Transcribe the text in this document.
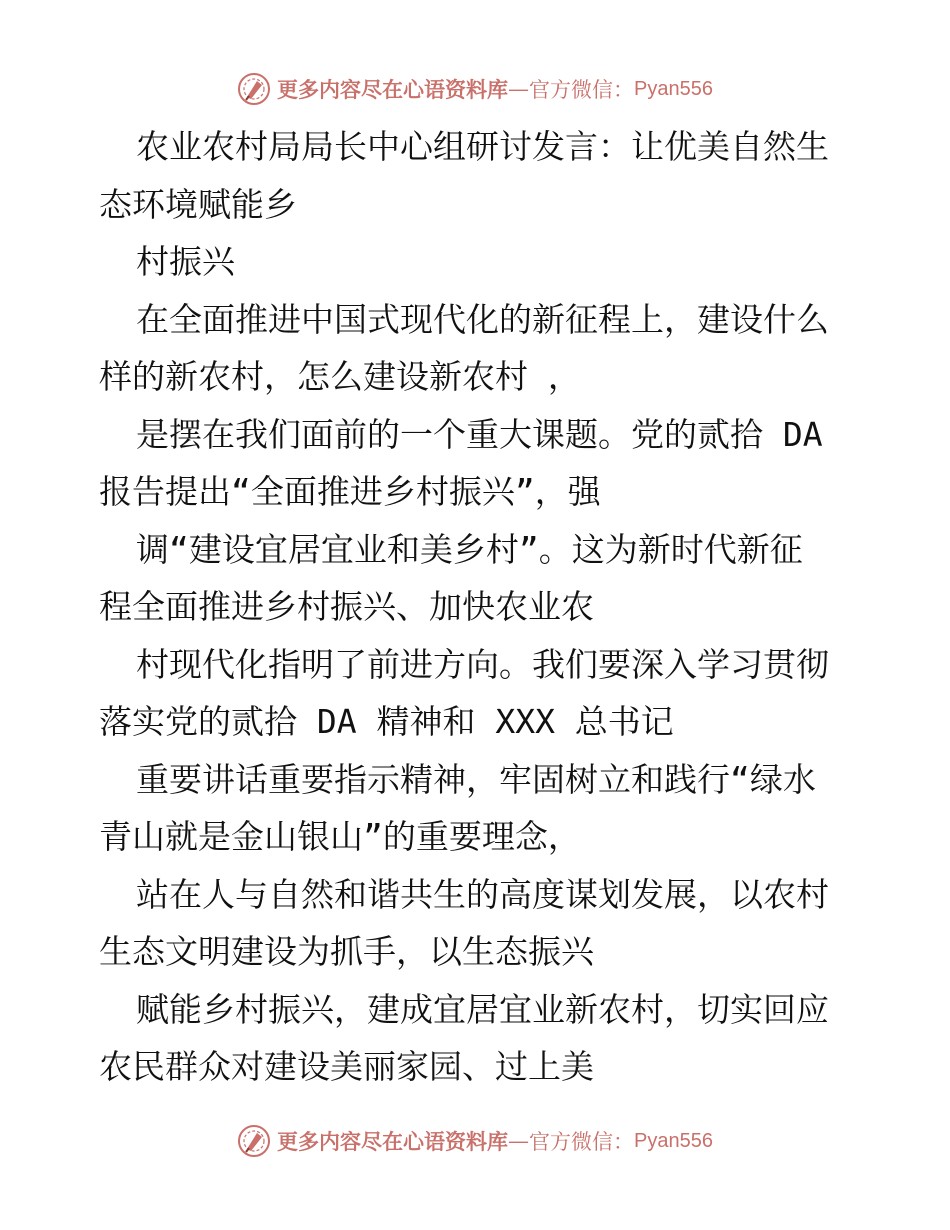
更多内容尽在心语资料库 — 官方微信： Pyan556
农业农村局局长中心组研讨发言：让优美自然生
态环境赋能乡
村振兴
在全面推进中国式现代化的新征程上，建设什么
样的新农村，怎么建设新农村 ，
是摆在我们面前的一个重大课题。党的贰拾 DA
报告提出“全面推进乡村振兴”，强
调“建设宜居宜业和美乡村”。这为新时代新征
程全面推进乡村振兴、加快农业农
村现代化指明了前进方向。我们要深入学习贯彻
落实党的贰拾 DA 精神和 XXX 总书记
重要讲话重要指示精神，牢固树立和践行“绿水
青山就是金山银山”的重要理念，
站在人与自然和谐共生的高度谋划发展，以农村
生态文明建设为抓手，以生态振兴
赋能乡村振兴，建成宜居宜业新农村，切实回应
农民群众对建设美丽家园、过上美
更多内容尽在心语资料库 — 官方微信： Pyan556
